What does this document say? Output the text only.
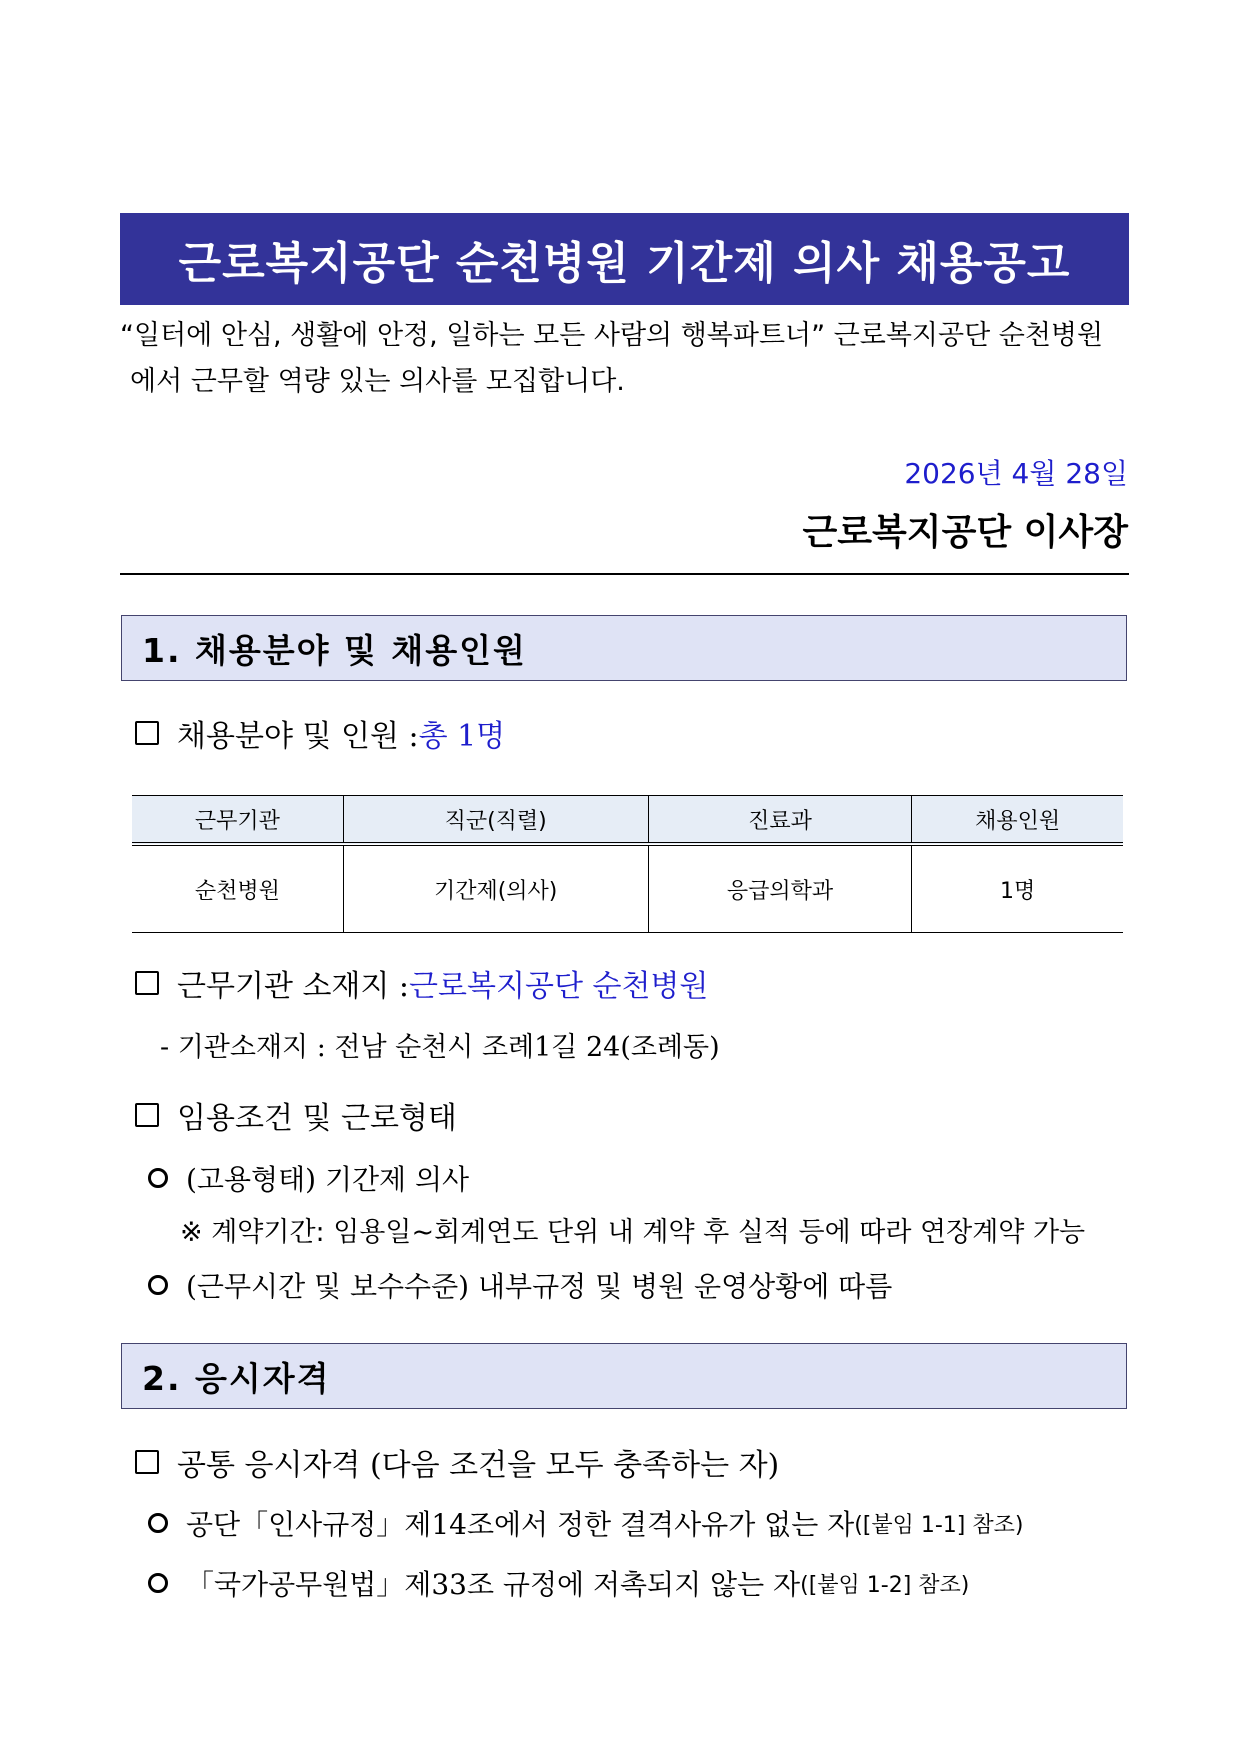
근로복지공단 순천병원 기간제 의사 채용공고
“일터에 안심, 생활에 안정, 일하는 모든 사람의 행복파트너” 근로복지공단 순천병원
에서 근무할 역량 있는 의사를 모집합니다.
2026년 4월 28일
근로복지공단 이사장
1. 채용분야 및 채용인원
채용분야 및 인원 : 총 1명
근무기관	직군(직렬)	진료과	채용인원
순천병원	기간제(의사)	응급의학과	1명
근무기관 소재지 : 근로복지공단 순천병원
- 기관소재지 : 전남 순천시 조례1길 24(조례동)
임용조건 및 근로형태
(고용형태) 기간제 의사
※ 계약기간: 임용일~회계연도 단위 내 계약 후 실적 등에 따라 연장계약 가능
(근무시간 및 보수수준) 내부규정 및 병원 운영상황에 따름
2. 응시자격
공통 응시자격 (다음 조건을 모두 충족하는 자)
공단「인사규정」제14조에서 정한 결격사유가 없는 자 ([붙임 1-1] 참조)
「국가공무원법」제33조 규정에 저촉되지 않는 자 ([붙임 1-2] 참조)
